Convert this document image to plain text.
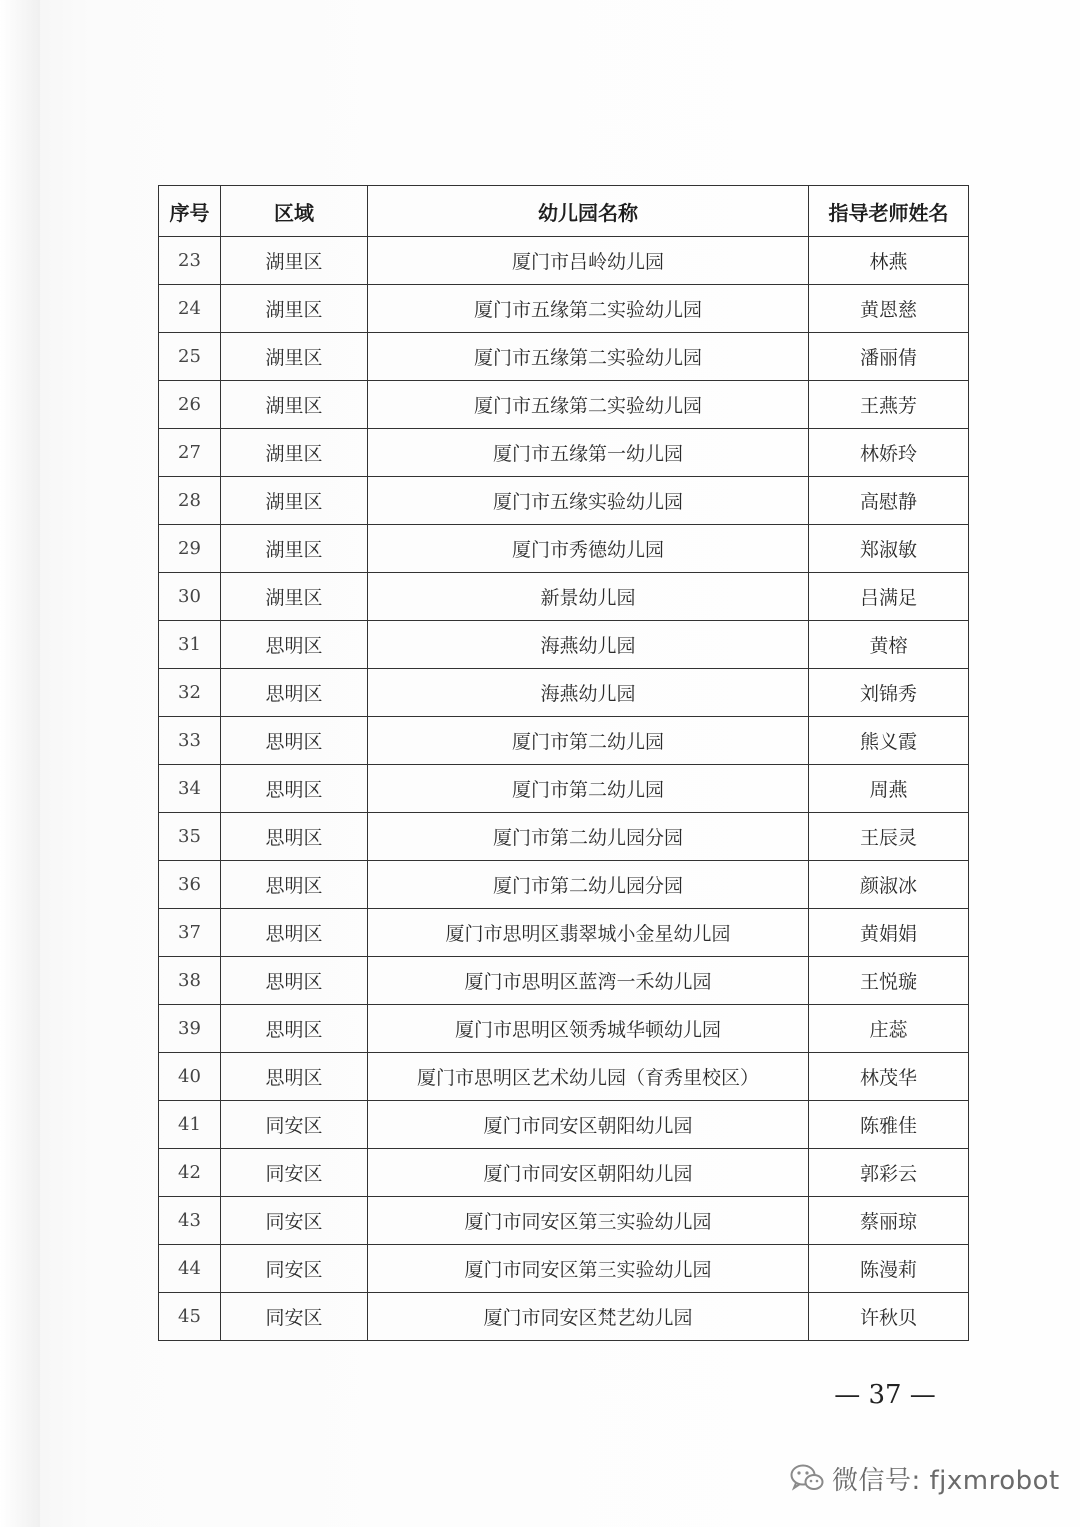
序号	区域	幼儿园名称	指导老师姓名
23	湖里区	厦门市吕岭幼儿园	林燕
24	湖里区	厦门市五缘第二实验幼儿园	黄恩慈
25	湖里区	厦门市五缘第二实验幼儿园	潘丽倩
26	湖里区	厦门市五缘第二实验幼儿园	王燕芳
27	湖里区	厦门市五缘第一幼儿园	林娇玲
28	湖里区	厦门市五缘实验幼儿园	高慰静
29	湖里区	厦门市秀德幼儿园	郑淑敏
30	湖里区	新景幼儿园	吕满足
31	思明区	海燕幼儿园	黄榕
32	思明区	海燕幼儿园	刘锦秀
33	思明区	厦门市第二幼儿园	熊义霞
34	思明区	厦门市第二幼儿园	周燕
35	思明区	厦门市第二幼儿园分园	王辰灵
36	思明区	厦门市第二幼儿园分园	颜淑冰
37	思明区	厦门市思明区翡翠城小金星幼儿园	黄娟娟
38	思明区	厦门市思明区蓝湾一禾幼儿园	王悦璇
39	思明区	厦门市思明区领秀城华顿幼儿园	庄蕊
40	思明区	厦门市思明区艺术幼儿园（育秀里校区）	林茂华
41	同安区	厦门市同安区朝阳幼儿园	陈雅佳
42	同安区	厦门市同安区朝阳幼儿园	郭彩云
43	同安区	厦门市同安区第三实验幼儿园	蔡丽琼
44	同安区	厦门市同安区第三实验幼儿园	陈漫莉
45	同安区	厦门市同安区梵艺幼儿园	许秋贝
— 37 —
微信号: fjxmrobot
